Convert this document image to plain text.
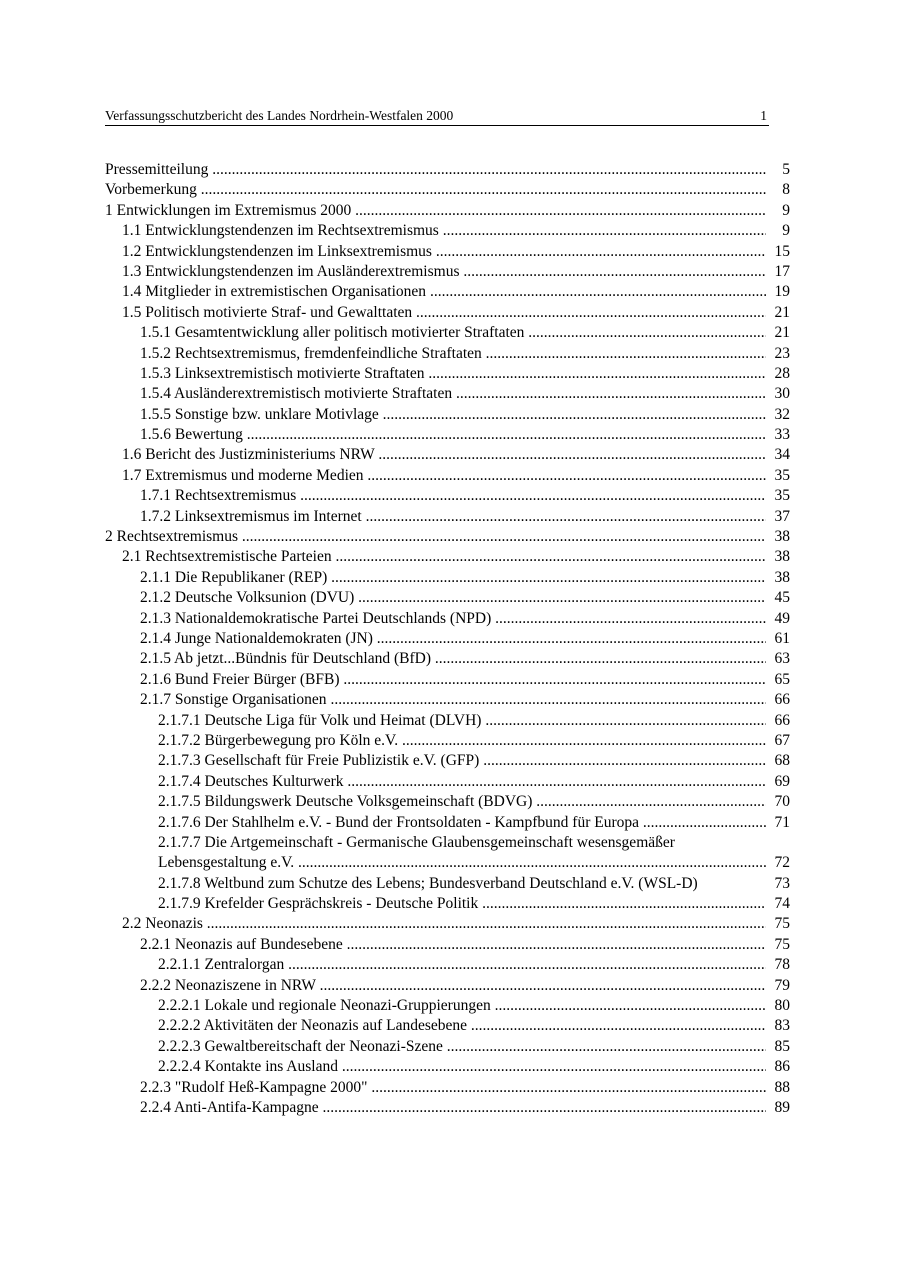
Verfassungsschutzbericht des Landes Nordrhein-Westfalen 2000	1
Pressemitteilung .....	5
Vorbemerkung .....	8
1 Entwicklungen im Extremismus 2000 .....	9
1.1 Entwicklungstendenzen im Rechtsextremismus .....	9
1.2 Entwicklungstendenzen im Linksextremismus .....	15
1.3 Entwicklungstendenzen im Ausländerextremismus .....	17
1.4 Mitglieder in extremistischen Organisationen .....	19
1.5 Politisch motivierte Straf- und Gewalttaten .....	21
1.5.1 Gesamtentwicklung aller politisch motivierter Straftaten .....	21
1.5.2 Rechtsextremismus, fremdenfeindliche Straftaten .....	23
1.5.3 Linksextremistisch motivierte Straftaten .....	28
1.5.4 Ausländerextremistisch motivierte Straftaten .....	30
1.5.5 Sonstige bzw. unklare Motivlage .....	32
1.5.6 Bewertung .....	33
1.6 Bericht des Justizministeriums NRW .....	34
1.7 Extremismus und moderne Medien .....	35
1.7.1 Rechtsextremismus .....	35
1.7.2 Linksextremismus im Internet .....	37
2 Rechtsextremismus .....	38
2.1 Rechtsextremistische Parteien .....	38
2.1.1 Die Republikaner (REP) .....	38
2.1.2 Deutsche Volksunion (DVU) .....	45
2.1.3 Nationaldemokratische Partei Deutschlands (NPD) .....	49
2.1.4 Junge Nationaldemokraten (JN) .....	61
2.1.5 Ab jetzt...Bündnis für Deutschland (BfD) .....	63
2.1.6 Bund Freier Bürger (BFB) .....	65
2.1.7 Sonstige Organisationen .....	66
2.1.7.1 Deutsche Liga für Volk und Heimat (DLVH) .....	66
2.1.7.2 Bürgerbewegung pro Köln e.V. .....	67
2.1.7.3 Gesellschaft für Freie Publizistik e.V. (GFP) .....	68
2.1.7.4 Deutsches Kulturwerk .....	69
2.1.7.5 Bildungswerk Deutsche Volksgemeinschaft (BDVG) .....	70
2.1.7.6 Der Stahlhelm e.V. - Bund der Frontsoldaten - Kampfbund für Europa .....	71
2.1.7.7 Die Artgemeinschaft - Germanische Glaubensgemeinschaft wesensgemäßer
Lebensgestaltung e.V. .....	72
2.1.7.8 Weltbund zum Schutze des Lebens; Bundesverband Deutschland e.V. (WSL-D)	73
2.1.7.9 Krefelder Gesprächskreis - Deutsche Politik .....	74
2.2 Neonazis .....	75
2.2.1 Neonazis auf Bundesebene .....	75
2.2.1.1 Zentralorgan .....	78
2.2.2 Neonaziszene in NRW .....	79
2.2.2.1 Lokale und regionale Neonazi-Gruppierungen .....	80
2.2.2.2 Aktivitäten der Neonazis auf Landesebene .....	83
2.2.2.3 Gewaltbereitschaft der Neonazi-Szene .....	85
2.2.2.4 Kontakte ins Ausland .....	86
2.2.3 "Rudolf Heß-Kampagne 2000" .....	88
2.2.4 Anti-Antifa-Kampagne .....	89
